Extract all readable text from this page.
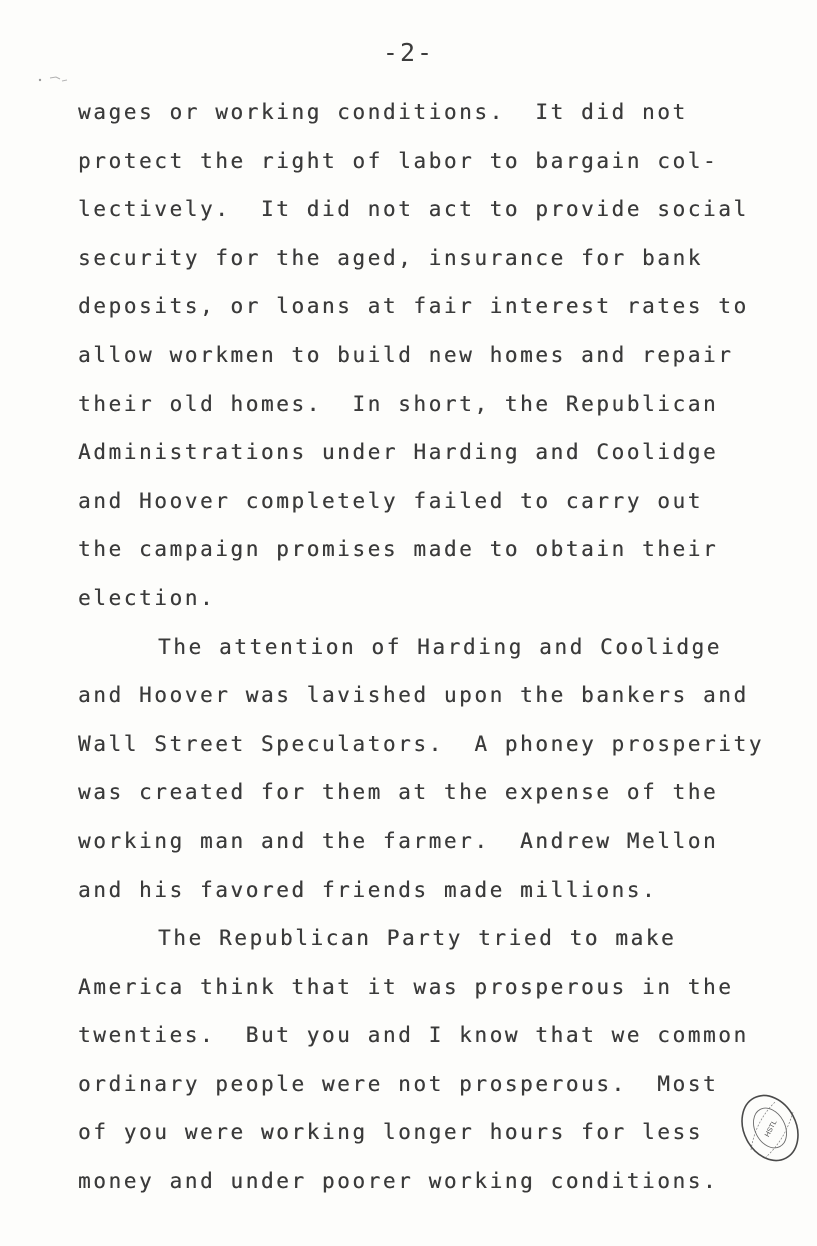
-2-
wages or working conditions.  It did not
protect the right of labor to bargain col-
lectively.  It did not act to provide social
security for the aged, insurance for bank
deposits, or loans at fair interest rates to
allow workmen to build new homes and repair
their old homes.  In short, the Republican
Administrations under Harding and Coolidge
and Hoover completely failed to carry out
the campaign promises made to obtain their
election.
The attention of Harding and Coolidge
and Hoover was lavished upon the bankers and
Wall Street Speculators.  A phoney prosperity
was created for them at the expense of the
working man and the farmer.  Andrew Mellon
and his favored friends made millions.
The Republican Party tried to make
America think that it was prosperous in the
twenties.  But you and I know that we common
ordinary people were not prosperous.  Most
of you were working longer hours for less
money and under poorer working conditions.
HSTL
